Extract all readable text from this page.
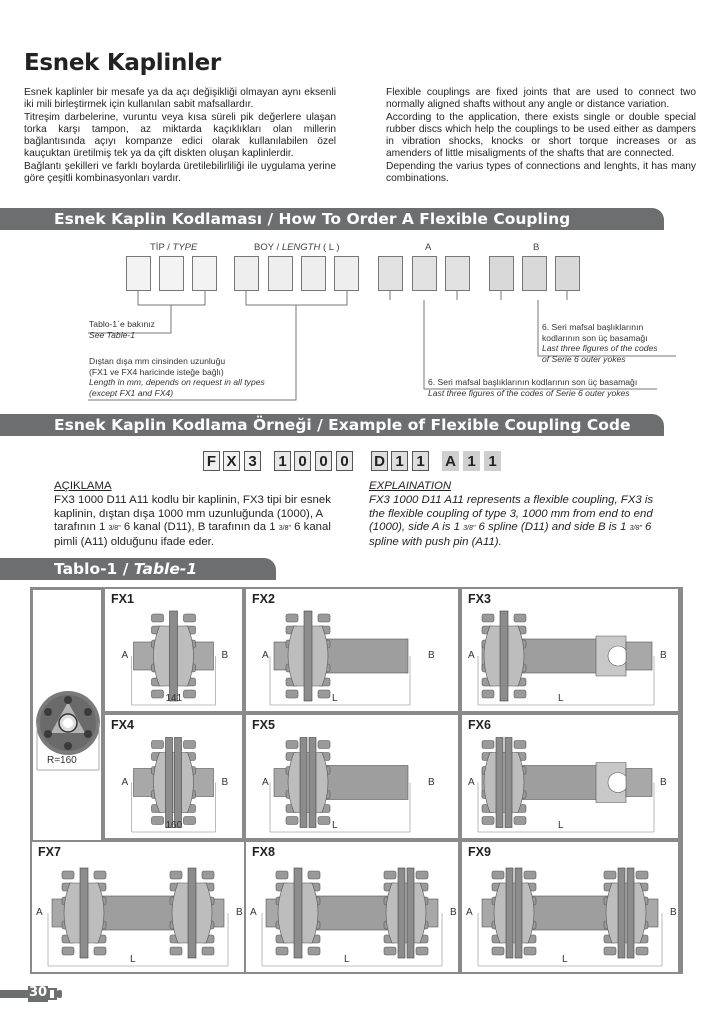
Esnek Kaplinler

Esnek kaplinler bir mesafe ya da açı değişikliği olmayan aynı eksenli iki mili birleştirmek için kullanılan sabit mafsallardır.

Titreşim darbelerine, vuruntu veya kısa süreli pik değerlere ulaşan torka karşı tampon, az miktarda kaçıklıkları olan millerin bağlantısında açıyı kompanze edici olarak kullanılabilen özel kauçuktan üretilmiş tek ya da çift diskten oluşan kaplinlerdir.

Bağlantı şekilleri ve farklı boylarda üretilebilirliliği ile uygulama yerine göre çeşitli kombinasyonları vardır.

Flexible couplings are fixed joints that are used to connect two normally aligned shafts without any angle or distance variation.

According to the application, there exists single or double special rubber discs which help the couplings to be used either as dampers in vibration shocks, knocks or short torque increases or as amenders of little misaligments of the shafts that are connected.

Depending the varius types of connections and lenghts, it has many combinations.

Esnek Kaplin Kodlaması / How To Order A Flexible Coupling
TİP / TYPE	BOY / LENGTH ( L )	A	B
Tablo-1`e bakınız
See Table-1
Dıştan dışa mm cinsinden uzunluğu
(FX1 ve FX4 haricinde isteğe bağlı)
Length in mm, depends on request in all types
(except FX1 and FX4)
6. Seri mafsal başlıklarının
kodlarının son üç basamağı
Last three figures of the codes
of Serie 6 outer yokes
6. Seri mafsal başlıklarının kodlarının son üç basamağı
Last three figures of the codes of Serie 6 outer yokes
Esnek Kaplin Kodlama Örneği / Example of Flexible Coupling Code
F X 3 1 0 0 0 D 1 1 A 1 1
AÇIKLAMA
FX3 1000 D11 A11 kodlu bir kaplinin, FX3 tipi bir esnek
kaplinin, dıştan dışa 1000 mm uzunluğunda (1000), A
tarafının 1 3/8" 6 kanal (D11), B tarafının da 1 3/8" 6 kanal
pimli (A11) olduğunu ifade eder.
EXPLAINATION
FX3 1000 D11 A11 represents a flexible coupling, FX3 is
the flexible coupling of type 3, 1000 mm from end to end
(1000), side A is 1 3/8" 6 spline (D11) and side B is 1 3/8" 6
spline with push pin (A11).
Tablo-1 / Table-1
R=160
FX1
A	B
141
FX2
A	B
L
FX3
A	B
L
FX4
A	B
160
FX5
A	B
L
FX6
A	B
L
FX7
A	B
L
FX8
A	B
L
FX9
A	B
L
30
